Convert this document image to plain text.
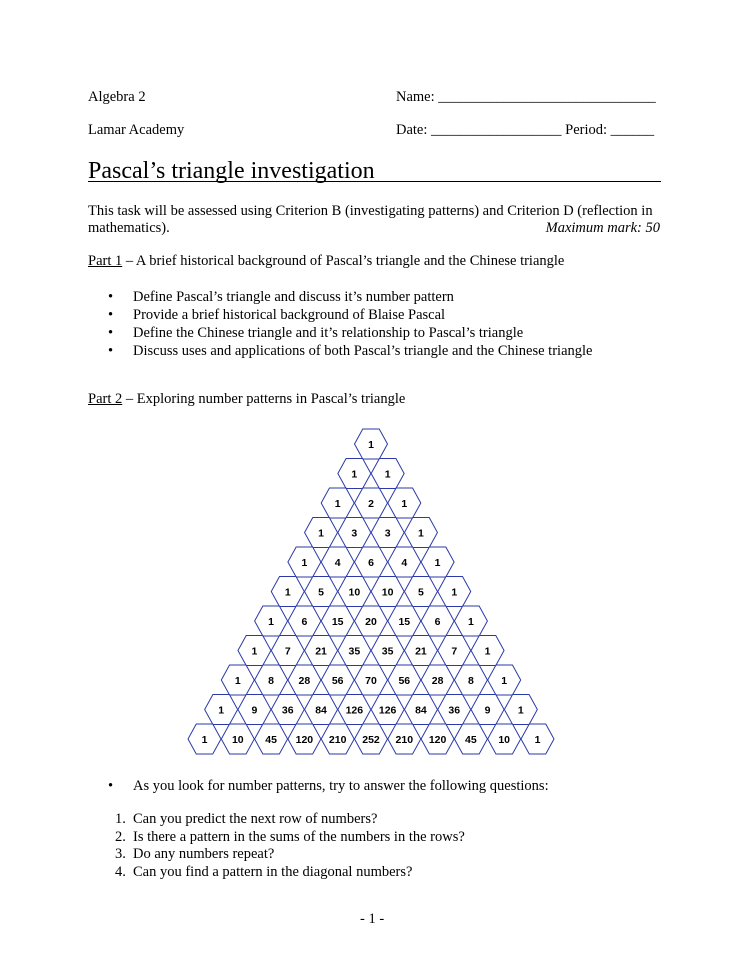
Algebra 2	Name: ______________________________
Lamar Academy	Date: __________________ Period: ______
Pascal’s triangle investigation
This task will be assessed using Criterion B (investigating patterns) and Criterion D (reflection in
mathematics).	Maximum mark: 50
Part 1 – A brief historical background of Pascal’s triangle and the Chinese triangle
• Define Pascal’s triangle and discuss it’s number pattern
• Provide a brief historical background of Blaise Pascal
• Define the Chinese triangle and it’s relationship to Pascal’s triangle
• Discuss uses and applications of both Pascal’s triangle and the Chinese triangle
Part 2 – Exploring number patterns in Pascal’s triangle
1
1	1
1	2	1
1	3	3	1
1	4	6	4	1
1	5 10 10 5	1
1	6 15 20 15 6	1
1	7 21 35 35 21 7	1
1	8 28 56 70 56 28 8	1
1	9 36 84 126 126 84 36 9	1
1 10 45 120 210 252 210 120 45 10 1
• As you look for number patterns, try to answer the following questions:
1. Can you predict the next row of numbers?
2. Is there a pattern in the sums of the numbers in the rows?
3. Do any numbers repeat?
4. Can you find a pattern in the diagonal numbers?
- 1 -
